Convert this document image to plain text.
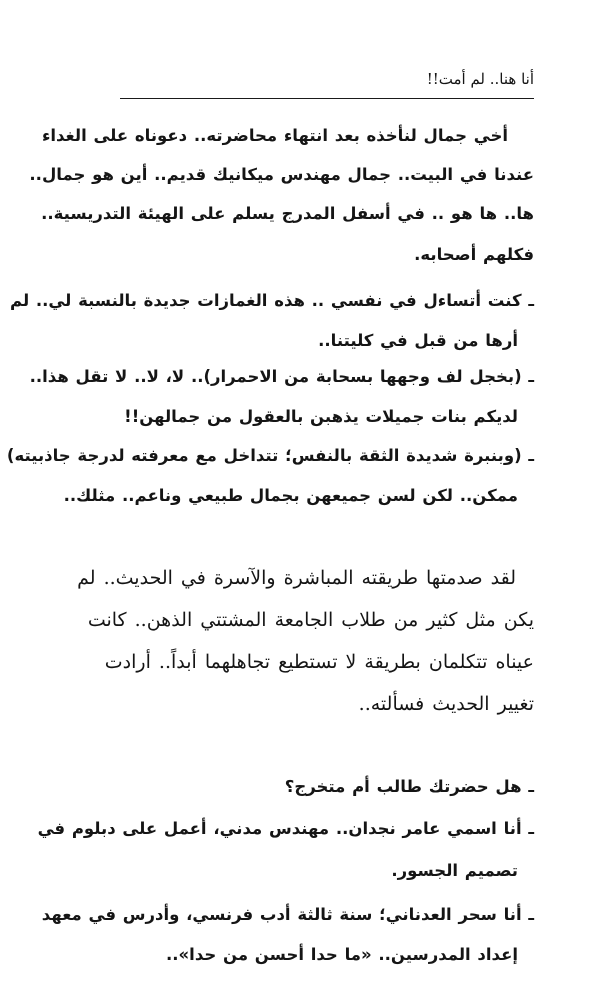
أنا هنا.. لم أمت!!
أخي جمال لنأخذه بعد انتهاء محاضرته.. دعوناه على الغداء
عندنا في البيت.. جمال مهندس ميكانيك قديم.. أين هو جمال..
ها.. ها هو .. في أسفل المدرج يسلم على الهيئة التدريسية..
فكلهم أصحابه.
ـ كنت أتساءل في نفسي .. هذه الغمازات جديدة بالنسبة لي.. لم
أرها من قبل في كليتنا..
ـ (بخجل لف وجهها بسحابة من الاحمرار).. لا، لا.. لا تقل هذا..
لديكم بنات جميلات يذهبن بالعقول من جمالهن!!
ـ (وبنبرة شديدة الثقة بالنفس؛ تتداخل مع معرفته لدرجة جاذبيته)
ممكن.. لكن لسن جميعهن بجمال طبيعي وناعم.. مثلك..
لقد صدمتها طريقته المباشرة والآسرة في الحديث.. لم
يكن مثل كثير من طلاب الجامعة المشتتي الذهن.. كانت
عيناه تتكلمان بطريقة لا تستطيع تجاهلهما أبداً.. أرادت
تغيير الحديث فسألته..
ـ هل حضرتك طالب أم متخرج؟
ـ أنا اسمي عامر نجدان.. مهندس مدني، أعمل على دبلوم في
تصميم الجسور.
ـ أنا سحر العدناني؛ سنة ثالثة أدب فرنسي، وأدرس في معهد
إعداد المدرسين.. «ما حدا أحسن من حدا»..
